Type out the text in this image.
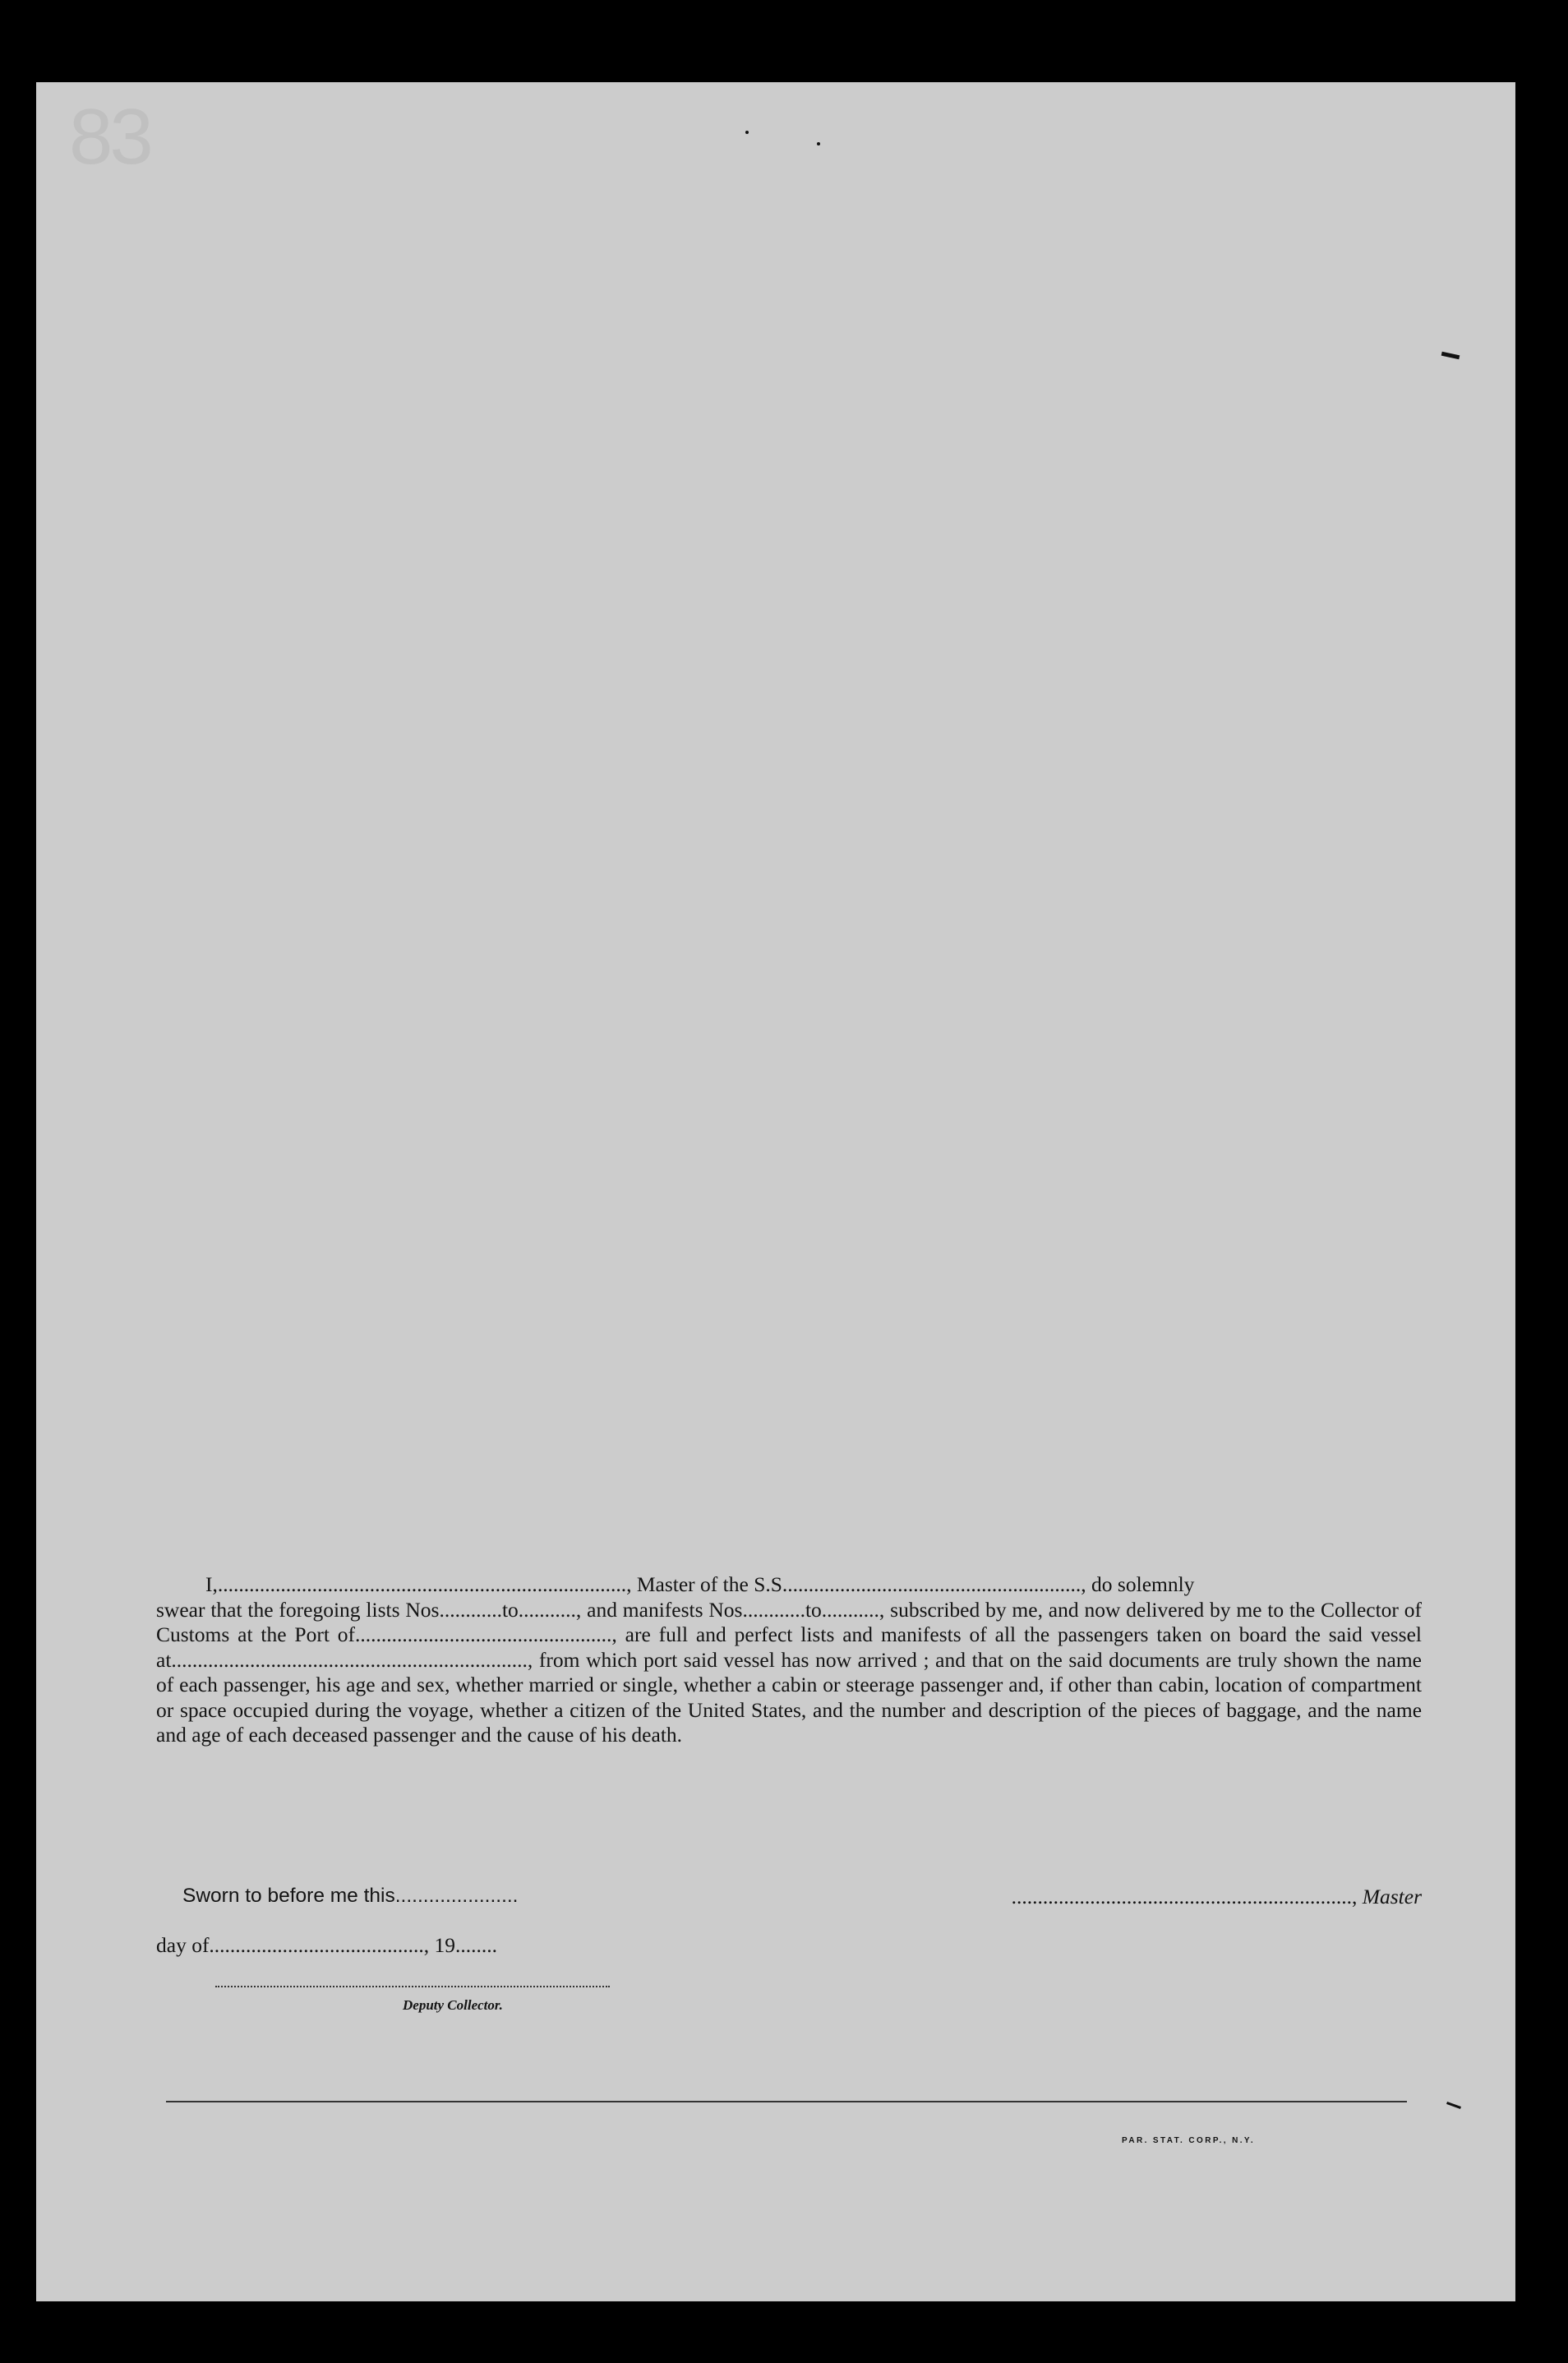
83

I,.............................................................................., Master of the S.S........................................................., do solemnly
swear that the foregoing lists Nos............to..........., and manifests Nos............to..........., subscribed by me, and now delivered by me to the Collector of Customs at the Port of................................................., are full and perfect lists and manifests of all the passengers taken on board the said vessel at...................................................................., from which port said vessel has now arrived ; and that on the said documents are truly shown the name of each passenger, his age and sex, whether married or single, whether a cabin or steerage passenger and, if other than cabin, location of compartment or space occupied during the voyage, whether a citizen of the United States, and the number and description of the pieces of baggage, and the name and age of each deceased passenger and the cause of his death.

Sworn to before me this......................	................................................................., Master
day of........................................., 19........
Deputy Collector.
PAR. STAT. CORP., N.Y.
